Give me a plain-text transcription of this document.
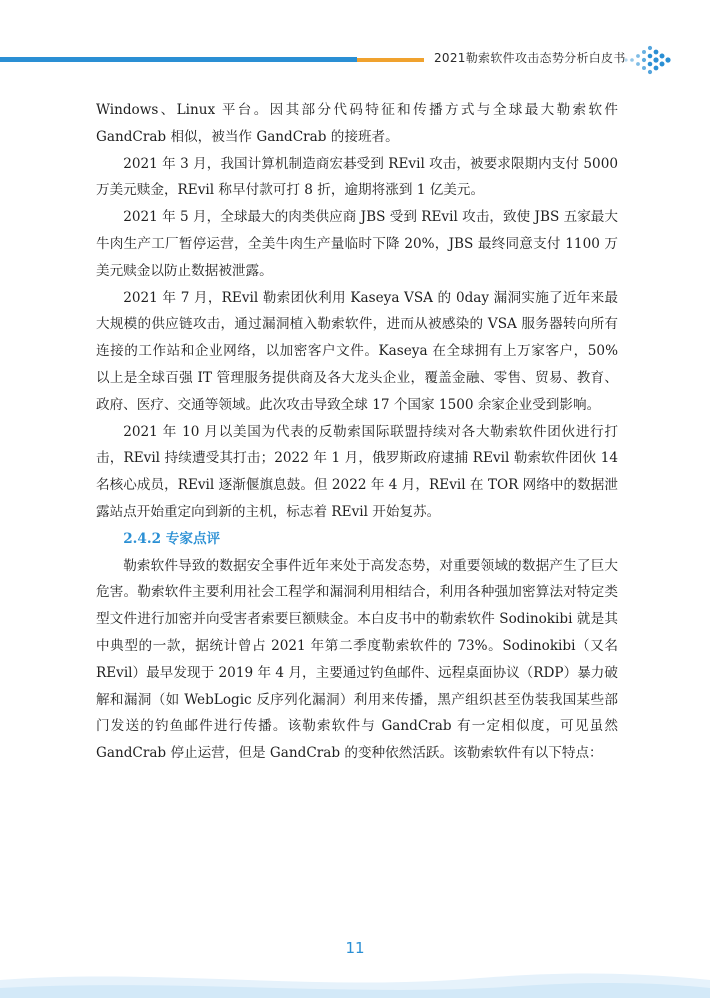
2021勒索软件攻击态势分析白皮书

Windows、Linux 平台。因其部分代码特征和传播方式与全球最大勒索软件 GandCrab 相似，被当作 GandCrab 的接班者。

2021 年 3 月，我国计算机制造商宏碁受到 REvil 攻击，被要求限期内支付 5000 万美元赎金，REvil 称早付款可打 8 折，逾期将涨到 1 亿美元。

2021 年 5 月，全球最大的肉类供应商 JBS 受到 REvil 攻击，致使 JBS 五家最大牛肉生产工厂暂停运营，全美牛肉生产量临时下降 20%，JBS 最终同意支付 1100 万美元赎金以防止数据被泄露。

2021 年 7 月，REvil 勒索团伙利用 Kaseya VSA 的 0day 漏洞实施了近年来最大规模的供应链攻击，通过漏洞植入勒索软件，进而从被感染的 VSA 服务器转向所有连接的工作站和企业网络，以加密客户文件。Kaseya 在全球拥有上万家客户，50% 以上是全球百强 IT 管理服务提供商及各大龙头企业，覆盖金融、零售、贸易、教育、政府、医疗、交通等领域。此次攻击导致全球 17 个国家 1500 余家企业受到影响。

2021 年 10 月以美国为代表的反勒索国际联盟持续对各大勒索软件团伙进行打击，REvil 持续遭受其打击；2022 年 1 月，俄罗斯政府逮捕 REvil 勒索软件团伙 14 名核心成员，REvil 逐渐偃旗息鼓。但 2022 年 4 月，REvil 在 TOR 网络中的数据泄露站点开始重定向到新的主机，标志着 REvil 开始复苏。

2.4.2 专家点评

勒索软件导致的数据安全事件近年来处于高发态势，对重要领域的数据产生了巨大危害。勒索软件主要利用社会工程学和漏洞利用相结合，利用各种强加密算法对特定类型文件进行加密并向受害者索要巨额赎金。本白皮书中的勒索软件 Sodinokibi 就是其中典型的一款，据统计曾占 2021 年第二季度勒索软件的 73%。Sodinokibi（又名 REvil）最早发现于 2019 年 4 月，主要通过钓鱼邮件、远程桌面协议（RDP）暴力破解和漏洞（如 WebLogic 反序列化漏洞）利用来传播，黑产组织甚至伪装我国某些部门发送的钓鱼邮件进行传播。该勒索软件与 GandCrab 有一定相似度，可见虽然 GandCrab 停止运营，但是 GandCrab 的变种依然活跃。该勒索软件有以下特点：

11
